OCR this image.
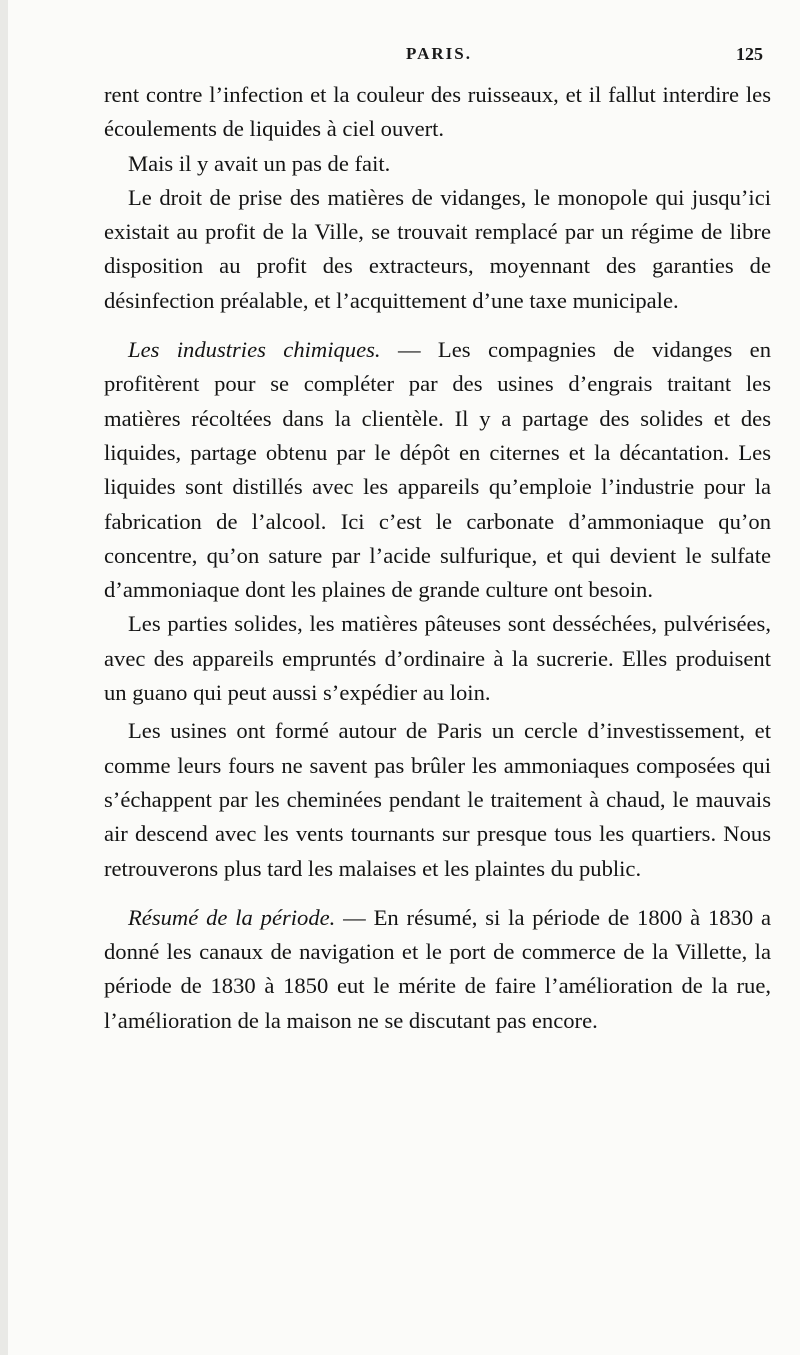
PARIS.	125

rent contre l’infection et la couleur des ruisseaux, et il fallut interdire les écoulements de liquides à ciel ouvert.

Mais il y avait un pas de fait.

Le droit de prise des matières de vidanges, le monopole qui jusqu’ici existait au profit de la Ville, se trouvait remplacé par un régime de libre disposition au profit des extracteurs, moyennant des garanties de désinfection préalable, et l’acquittement d’une taxe municipale.

Les industries chimiques. — Les compagnies de vidanges en profitèrent pour se compléter par des usines d’engrais traitant les matières récoltées dans la clientèle. Il y a partage des solides et des liquides, partage obtenu par le dépôt en citernes et la décantation. Les liquides sont distillés avec les appareils qu’emploie l’industrie pour la fabrication de l’alcool. Ici c’est le carbonate d’ammoniaque qu’on concentre, qu’on sature par l’acide sulfurique, et qui devient le sulfate d’ammoniaque dont les plaines de grande culture ont besoin.

Les parties solides, les matières pâteuses sont desséchées, pulvérisées, avec des appareils empruntés d’ordinaire à la sucrerie. Elles produisent un guano qui peut aussi s’expédier au loin.

Les usines ont formé autour de Paris un cercle d’investissement, et comme leurs fours ne savent pas brûler les ammoniaques composées qui s’échappent par les cheminées pendant le traitement à chaud, le mauvais air descend avec les vents tournants sur presque tous les quartiers. Nous retrouverons plus tard les malaises et les plaintes du public.

Résumé de la période. — En résumé, si la période de 1800 à 1830 a donné les canaux de navigation et le port de commerce de la Villette, la période de 1830 à 1850 eut le mérite de faire l’amélioration de la rue, l’amélioration de la maison ne se discutant pas encore.
